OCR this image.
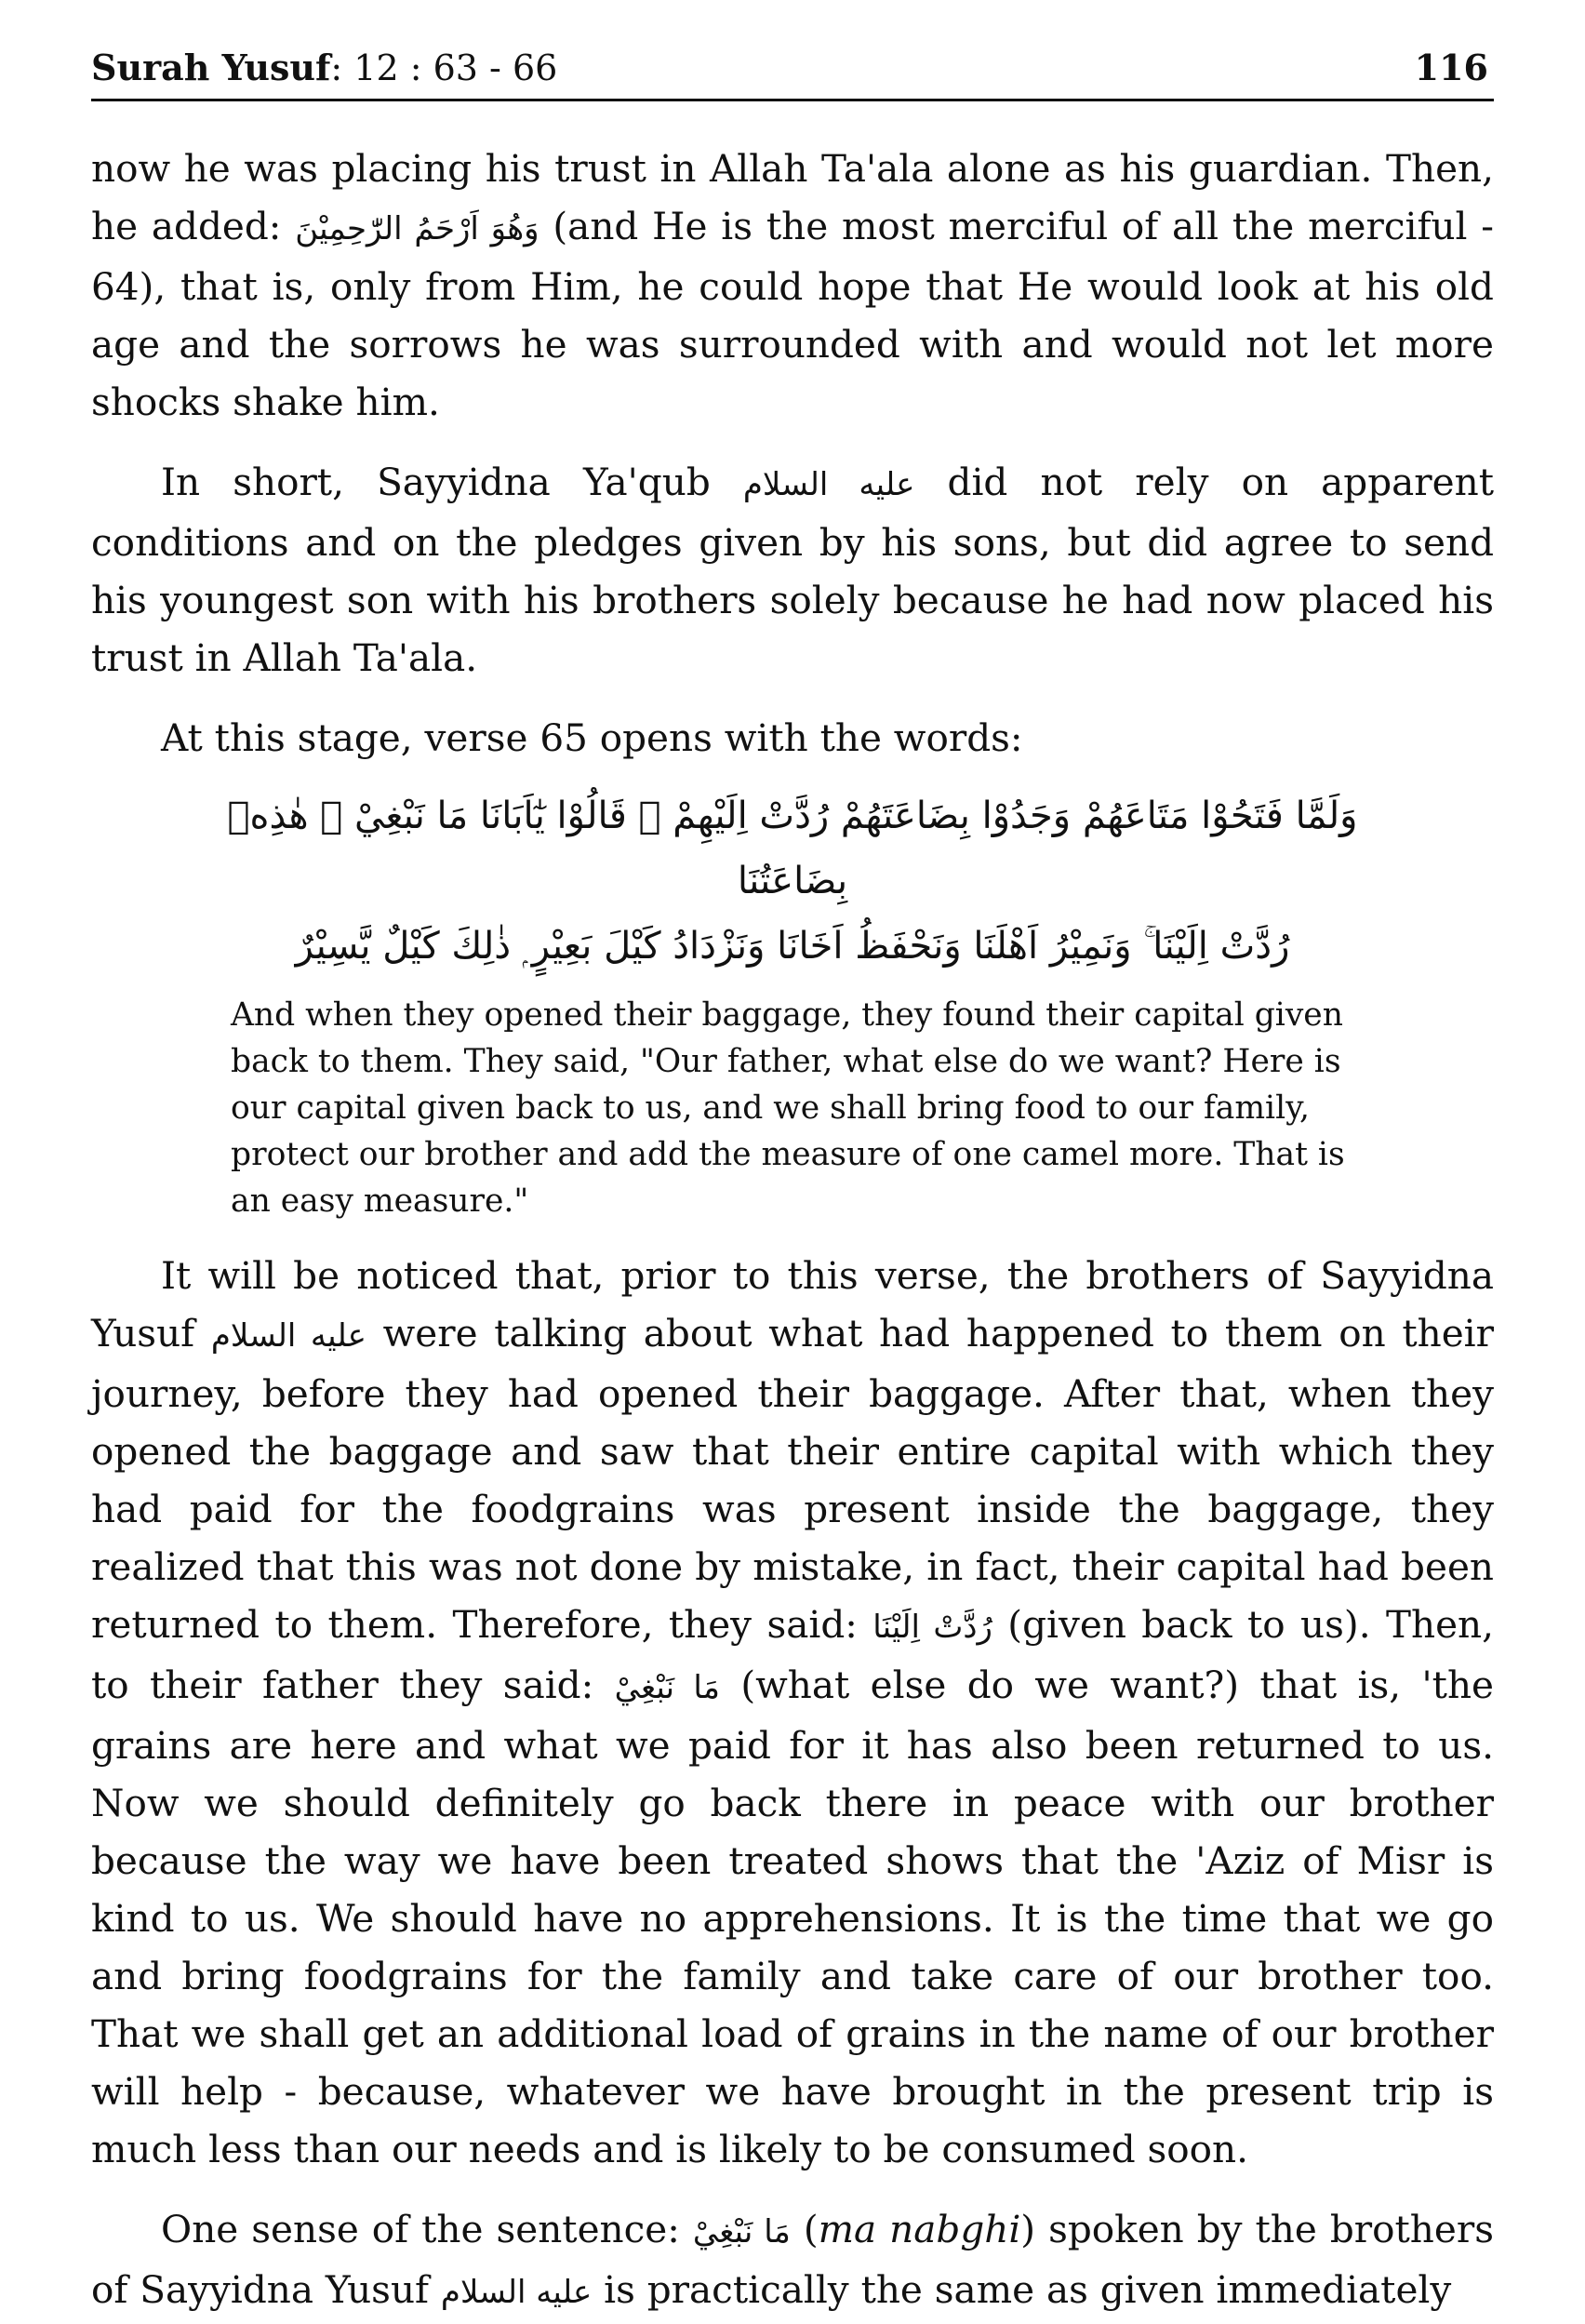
Surah Yusuf: 12 : 63 - 66	116

now he was placing his trust in Allah Ta'ala alone as his guardian. Then, he added: وَهُوَ اَرْحَمُ الرّٰحِمِيْنَ (and He is the most merciful of all the merciful - 64), that is, only from Him, he could hope that He would look at his old age and the sorrows he was surrounded with and would not let more shocks shake him.

In short, Sayyidna Ya'qub عليه السلام did not rely on apparent conditions and on the pledges given by his sons, but did agree to send his youngest son with his brothers solely because he had now placed his trust in Allah Ta'ala.

At this stage, verse 65 opens with the words:

وَلَمَّا فَتَحُوْا مَتَاعَهُمْ وَجَدُوْا بِضَاعَتَهُمْ رُدَّتْ اِلَيْهِمْ ۭ قَالُوْا يٰٓاَبَانَا مَا نَبْغِيْ ۭ هٰذِهٖ بِضَاعَتُنَا
رُدَّتْ اِلَيْنَا ۚ وَنَمِيْرُ اَهْلَنَا وَنَحْفَظُ اَخَانَا وَنَزْدَادُ كَيْلَ بَعِيْرٍ ۭ ذٰلِكَ كَيْلٌ يَّسِيْرٌ

And when they opened their baggage, they found their capital given back to them. They said, "Our father, what else do we want? Here is our capital given back to us, and we shall bring food to our family, protect our brother and add the measure of one camel more. That is an easy measure."

It will be noticed that, prior to this verse, the brothers of Sayyidna Yusuf عليه السلام were talking about what had happened to them on their journey, before they had opened their baggage. After that, when they opened the baggage and saw that their entire capital with which they had paid for the foodgrains was present inside the baggage, they realized that this was not done by mistake, in fact, their capital had been returned to them. Therefore, they said: رُدَّتْ اِلَيْنَا (given back to us). Then, to their father they said: مَا نَبْغِيْ (what else do we want?) that is, 'the grains are here and what we paid for it has also been returned to us. Now we should definitely go back there in peace with our brother because the way we have been treated shows that the 'Aziz of Misr is kind to us. We should have no apprehensions. It is the time that we go and bring foodgrains for the family and take care of our brother too. That we shall get an additional load of grains in the name of our brother will help - because, whatever we have brought in the present trip is much less than our needs and is likely to be consumed soon.

One sense of the sentence: مَا نَبْغِيْ (ma nabghi) spoken by the brothers of Sayyidna Yusuf عليه السلام is practically the same as given immediately
